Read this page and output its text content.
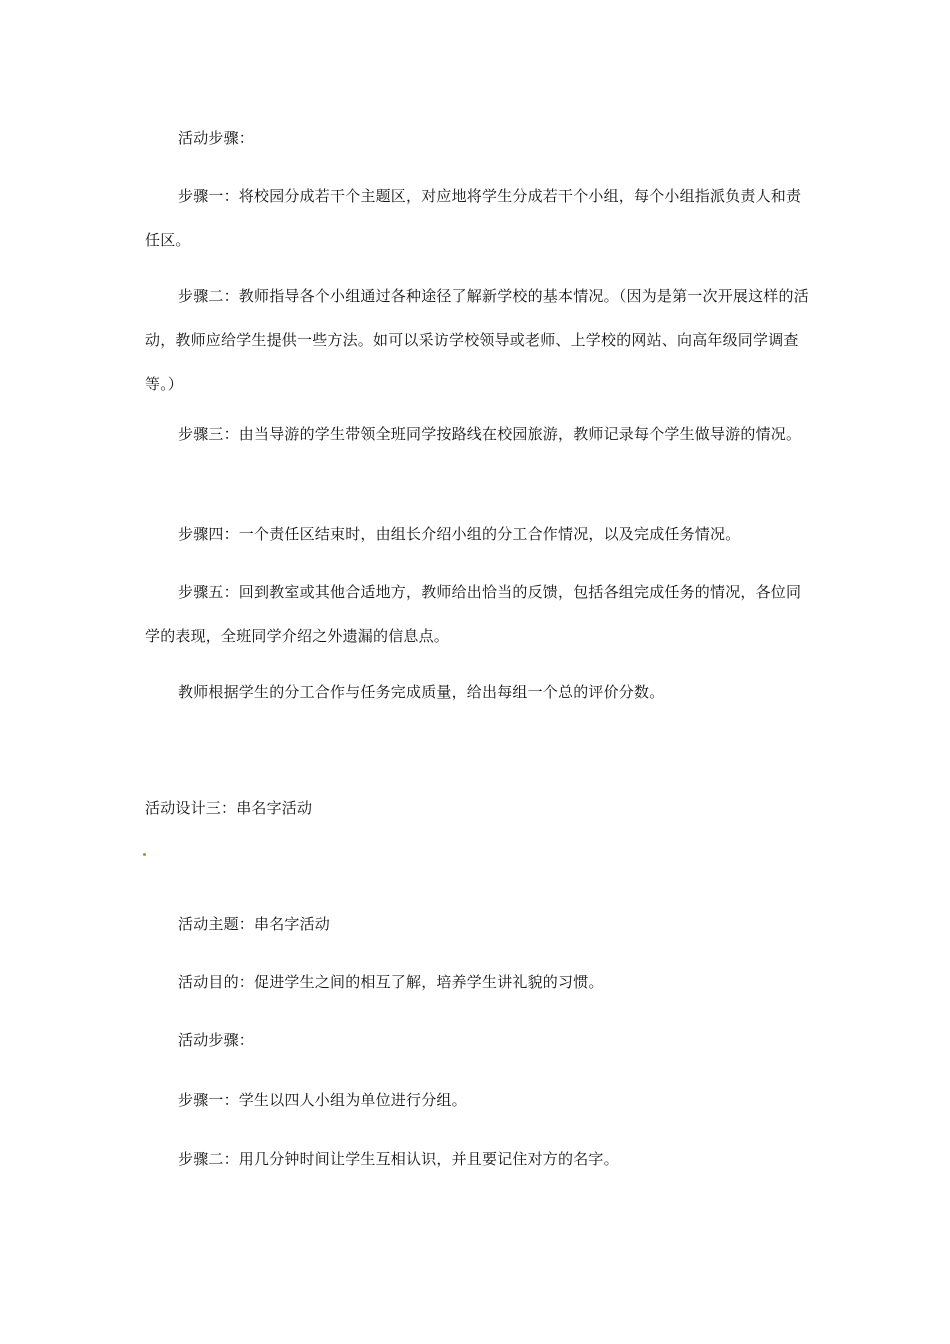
活动步骤：

步骤一：将校园分成若干个主题区，对应地将学生分成若干个小组，每个小组指派负责人和责任区。

步骤二：教师指导各个小组通过各种途径了解新学校的基本情况。（因为是第一次开展这样的活动，教师应给学生提供一些方法。如可以采访学校领导或老师、上学校的网站、向高年级同学调查等。）

步骤三：由当导游的学生带领全班同学按路线在校园旅游，教师记录每个学生做导游的情况。

步骤四：一个责任区结束时，由组长介绍小组的分工合作情况，以及完成任务情况。

步骤五：回到教室或其他合适地方，教师给出恰当的反馈，包括各组完成任务的情况，各位同学的表现，全班同学介绍之外遗漏的信息点。

教师根据学生的分工合作与任务完成质量，给出每组一个总的评价分数。

活动设计三：串名字活动

活动主题：串名字活动

活动目的：促进学生之间的相互了解，培养学生讲礼貌的习惯。

活动步骤：

步骤一：学生以四人小组为单位进行分组。

步骤二：用几分钟时间让学生互相认识，并且要记住对方的名字。
